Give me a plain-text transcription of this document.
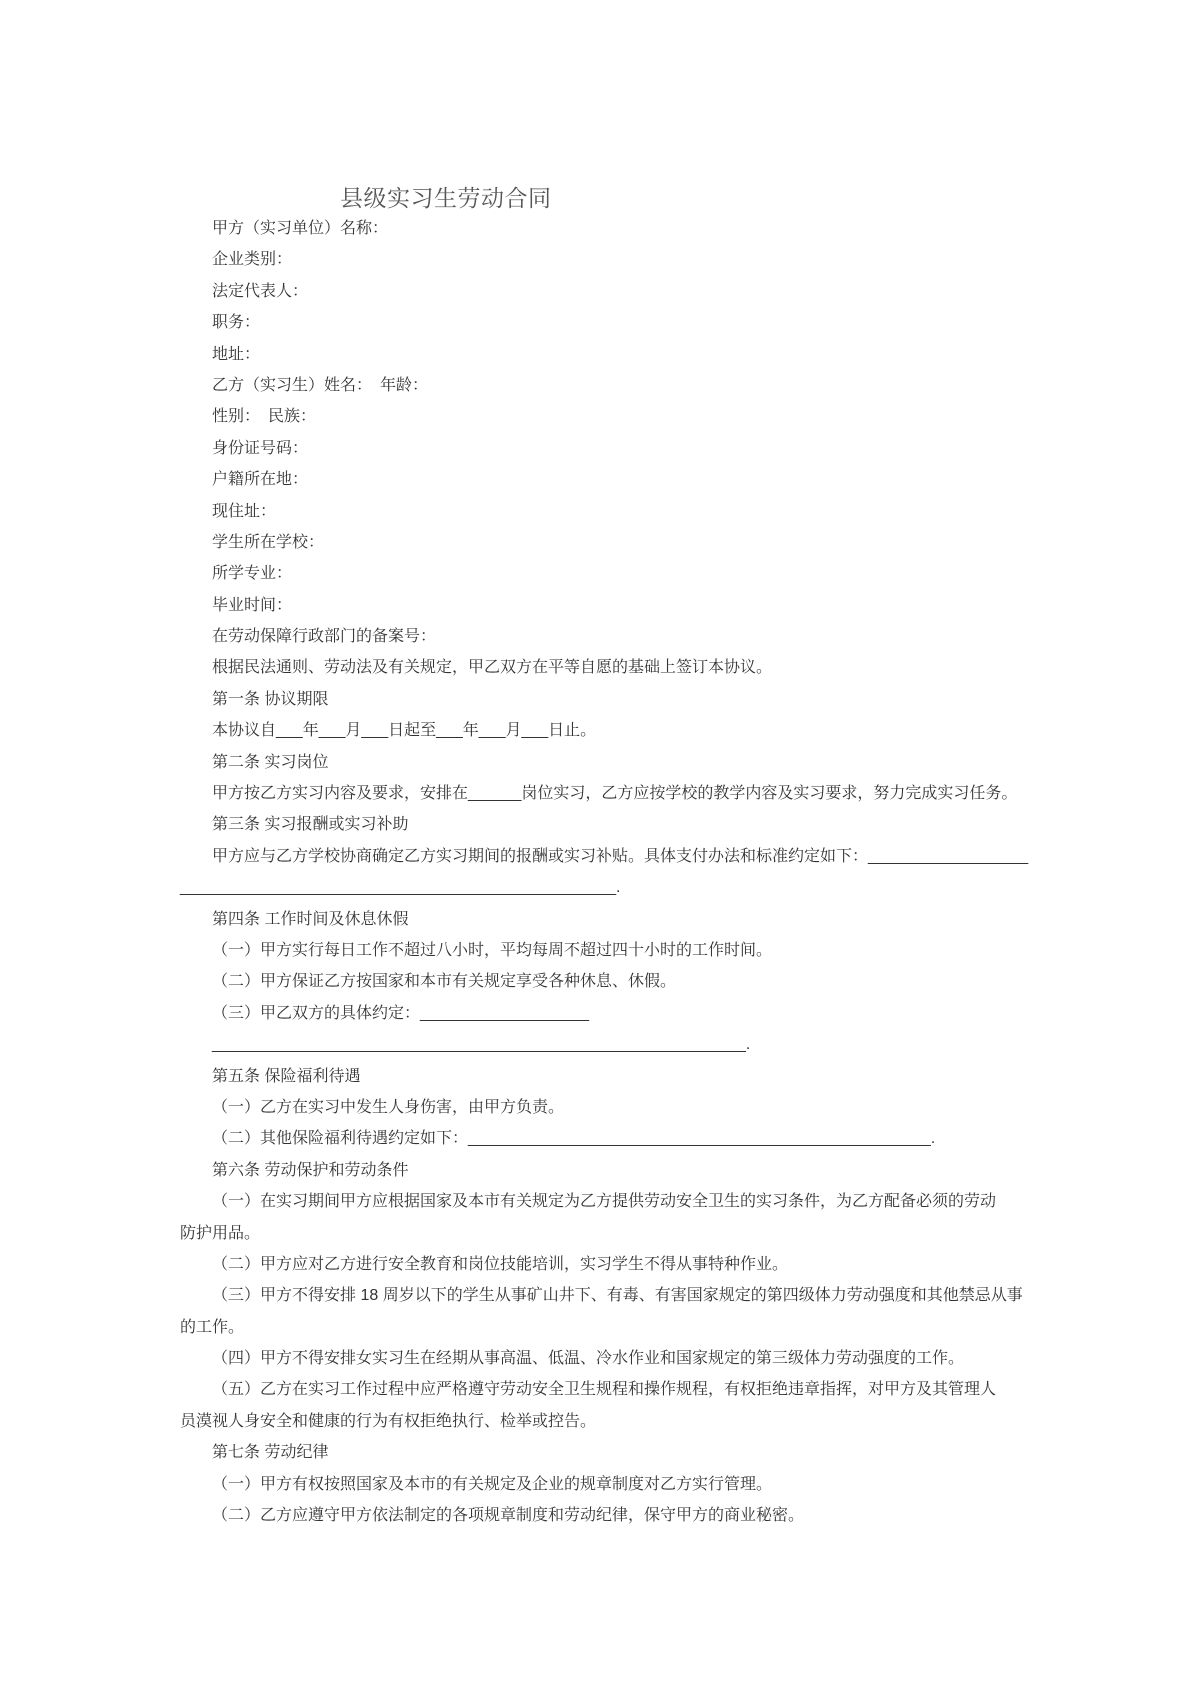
县级实习生劳动合同
甲方（实习单位）名称：
企业类别：
法定代表人：
职务：
地址：
乙方（实习生）姓名：　年龄：
性别：　民族：
身份证号码：
户籍所在地：
现住址：
学生所在学校：
所学专业：
毕业时间：
在劳动保障行政部门的备案号：
根据民法通则、劳动法及有关规定，甲乙双方在平等自愿的基础上签订本协议。
第一条 协议期限
本协议自___年___月___日起至___年___月___日止。
第二条 实习岗位
甲方按乙方实习内容及要求，安排在______岗位实习，乙方应按学校的教学内容及实习要求，努力完成实习任务。
第三条 实习报酬或实习补助
甲方应与乙方学校协商确定乙方实习期间的报酬或实习补贴。具体支付办法和标准约定如下：__________________
_________________________________________________.
第四条 工作时间及休息休假
（一）甲方实行每日工作不超过八小时，平均每周不超过四十小时的工作时间。
（二）甲方保证乙方按国家和本市有关规定享受各种休息、休假。
（三）甲乙双方的具体约定：___________________
____________________________________________________________.
第五条 保险福利待遇
（一）乙方在实习中发生人身伤害，由甲方负责。
（二）其他保险福利待遇约定如下：____________________________________________________.
第六条 劳动保护和劳动条件
（一）在实习期间甲方应根据国家及本市有关规定为乙方提供劳动安全卫生的实习条件，为乙方配备必须的劳动
防护用品。
（二）甲方应对乙方进行安全教育和岗位技能培训，实习学生不得从事特种作业。
（三）甲方不得安排 18 周岁以下的学生从事矿山井下、有毒、有害国家规定的第四级体力劳动强度和其他禁忌从事
的工作。
（四）甲方不得安排女实习生在经期从事高温、低温、冷水作业和国家规定的第三级体力劳动强度的工作。
（五）乙方在实习工作过程中应严格遵守劳动安全卫生规程和操作规程，有权拒绝违章指挥，对甲方及其管理人
员漠视人身安全和健康的行为有权拒绝执行、检举或控告。
第七条 劳动纪律
（一）甲方有权按照国家及本市的有关规定及企业的规章制度对乙方实行管理。
（二）乙方应遵守甲方依法制定的各项规章制度和劳动纪律，保守甲方的商业秘密。
